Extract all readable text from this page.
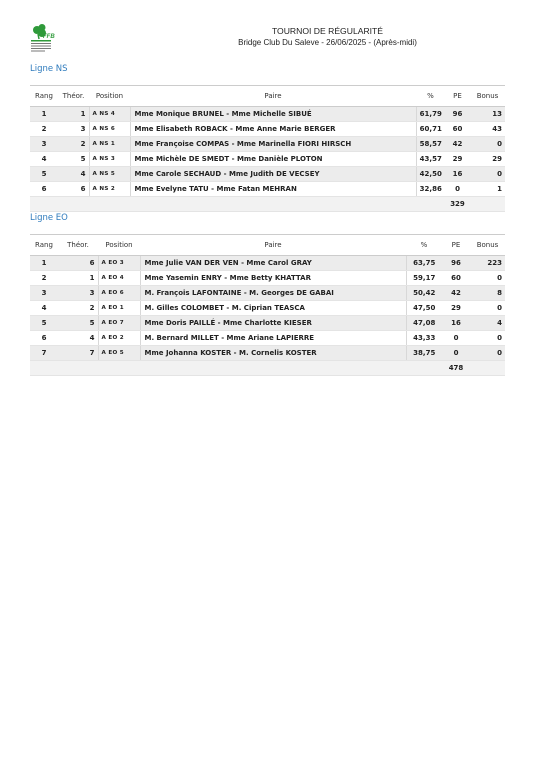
FFB
TOURNOI DE RÉGULARITÉ
Bridge Club Du Saleve - 26/06/2025 - (Après-midi)
Ligne NS
Rang	Théor.	Position	Paire	%	PE	Bonus
1	1	A NS 4	Mme Monique BRUNEL - Mme Michelle SIBUÉ	61,79	96	13
2	3	A NS 6	Mme Elisabeth ROBACK - Mme Anne Marie BERGER	60,71	60	43
3	2	A NS 1	Mme Françoise COMPAS - Mme Marinella FIORI HIRSCH	58,57	42	0
4	5	A NS 3	Mme Michèle DE SMEDT - Mme Danièle PLOTON	43,57	29	29
5	4	A NS 5	Mme Carole SECHAUD - Mme Judith DE VECSEY	42,50	16	0
6	6	A NS 2	Mme Evelyne TATU - Mme Fatan MEHRAN	32,86	0	1
					329	
Ligne EO
Rang	Théor.	Position	Paire	%	PE	Bonus
1	6	A EO 3	Mme Julie VAN DER VEN - Mme Carol GRAY	63,75	96	223
2	1	A EO 4	Mme Yasemin ENRY - Mme Betty KHATTAR	59,17	60	0
3	3	A EO 6	M. François LAFONTAINE - M. Georges DE GABAI	50,42	42	8
4	2	A EO 1	M. Gilles COLOMBET - M. Ciprian TEASCA	47,50	29	0
5	5	A EO 7	Mme Doris PAILLÉ - Mme Charlotte KIESER	47,08	16	4
6	4	A EO 2	M. Bernard MILLET - Mme Ariane LAPIERRE	43,33	0	0
7	7	A EO 5	Mme Johanna KOSTER - M. Cornelis KOSTER	38,75	0	0
					478	
